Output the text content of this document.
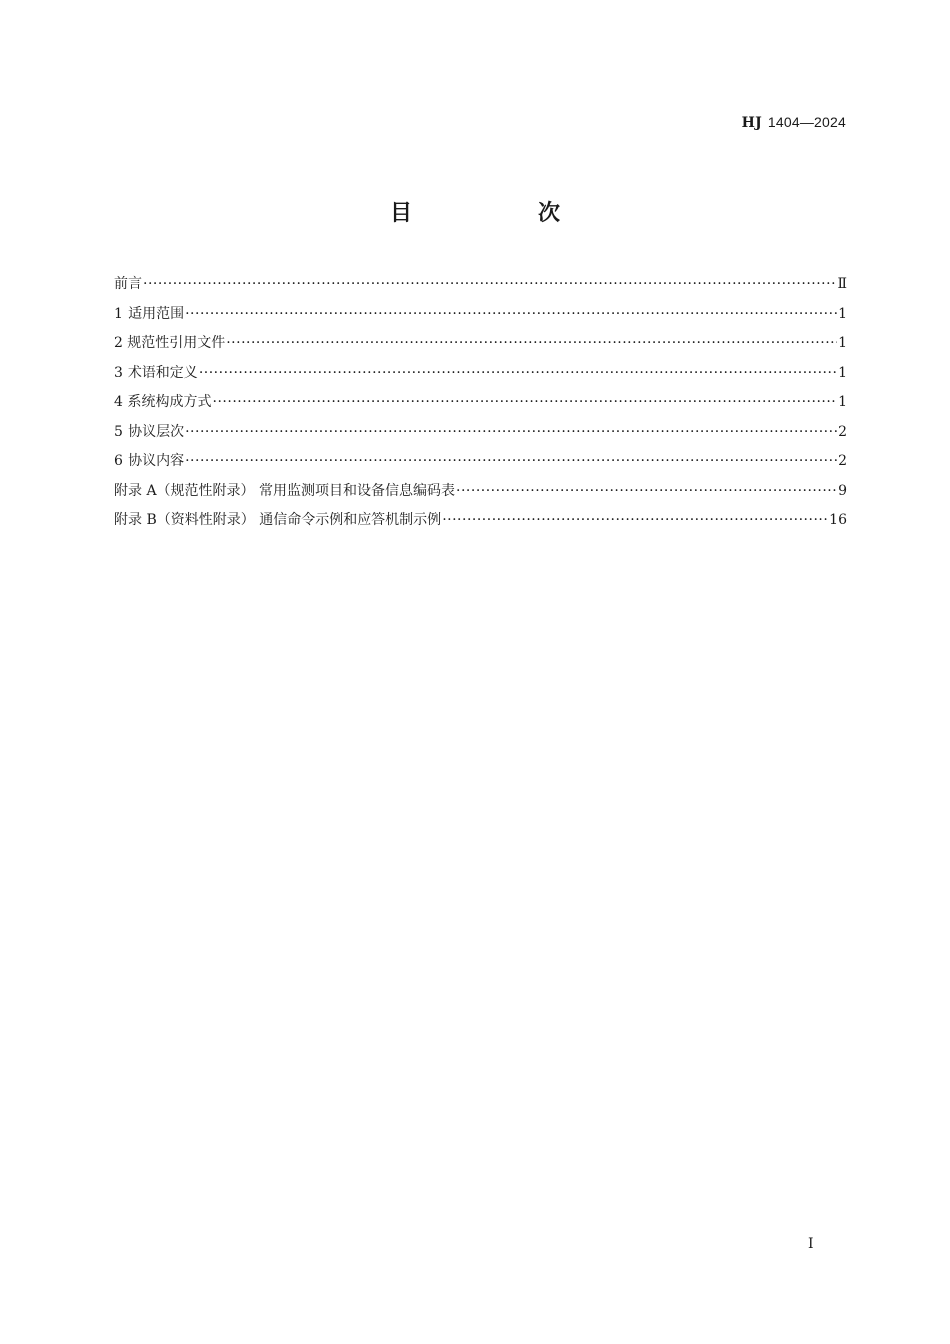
HJ 1404—2024
目　次
前言 ·····	Ⅱ
1 适用范围 ·····	1
2 规范性引用文件 ·····	1
3 术语和定义 ·····	1
4 系统构成方式 ·····	1
5 协议层次 ·····	2
6 协议内容 ·····	2
附录 A（规范性附录） 常用监测项目和设备信息编码表 ·····	9
附录 B（资料性附录） 通信命令示例和应答机制示例 ·····	16
Ⅰ
